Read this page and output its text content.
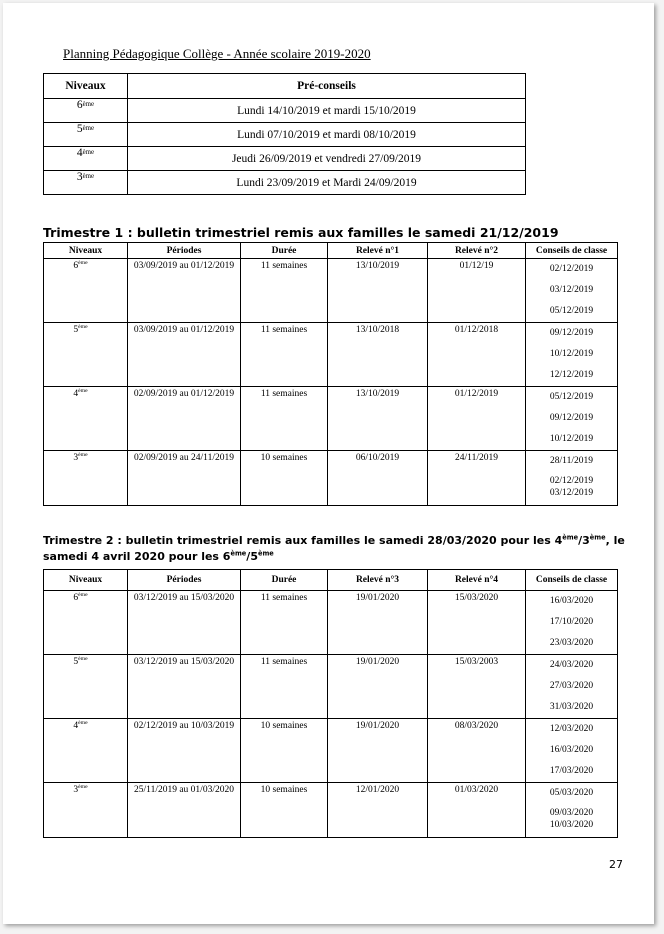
Planning Pédagogique Collège - Année scolaire 2019-2020
Niveaux	Pré-conseils
6ème	Lundi 14/10/2019 et mardi 15/10/2019
5ème	Lundi 07/10/2019 et mardi 08/10/2019
4ème	Jeudi 26/09/2019 et vendredi 27/09/2019
3ème	Lundi 23/09/2019 et Mardi 24/09/2019
Trimestre 1 : bulletin trimestriel remis aux familles le samedi 21/12/2019
Niveaux	Périodes	Durée	Relevé n°1	Relevé n°2	Conseils de classe
6ème	03/09/2019 au 01/12/2019	11 semaines	13/10/2019	01/12/19	02/12/2019
03/12/2019
05/12/2019

5ème	03/09/2019 au 01/12/2019	11 semaines	13/10/2018	01/12/2018	09/12/2019
10/12/2019
12/12/2019

4ème	02/09/2019 au 01/12/2019	11 semaines	13/10/2019	01/12/2019	05/12/2019
09/12/2019
10/12/2019

3ème	02/09/2019 au 24/11/2019	10 semaines	06/10/2019	24/11/2019	28/11/2019
02/12/2019
03/12/2019
Trimestre 2 : bulletin trimestriel remis aux familles le samedi 28/03/2020 pour les 4ème/3ème, le samedi 4 avril 2020 pour les 6ème/5ème
Niveaux	Périodes	Durée	Relevé n°3	Relevé n°4	Conseils de classe
6ème	03/12/2019 au 15/03/2020	11 semaines	19/01/2020	15/03/2020	16/03/2020
17/10/2020
23/03/2020

5ème	03/12/2019 au 15/03/2020	11 semaines	19/01/2020	15/03/2003	24/03/2020
27/03/2020
31/03/2020

4ème	02/12/2019 au 10/03/2019	10 semaines	19/01/2020	08/03/2020	12/03/2020
16/03/2020
17/03/2020

3ème	25/11/2019 au 01/03/2020	10 semaines	12/01/2020	01/03/2020	05/03/2020
09/03/2020
10/03/2020
27
